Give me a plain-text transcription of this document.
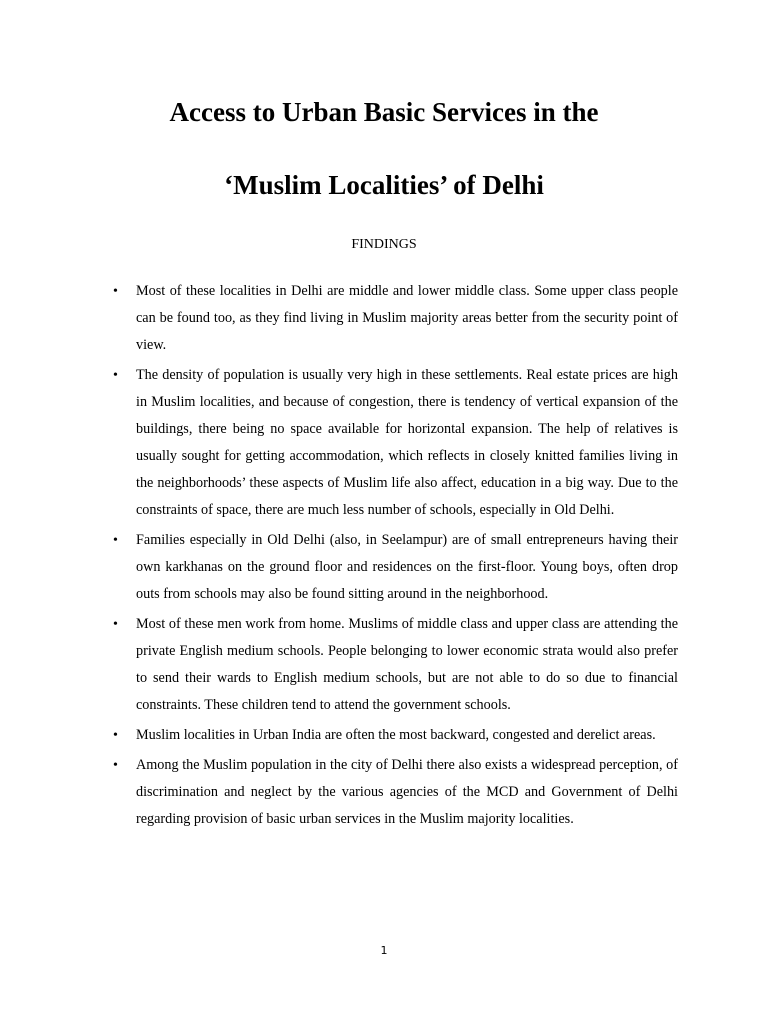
Access to Urban Basic Services in the
‘Muslim Localities’ of Delhi
FINDINGS
• Most of these localities in Delhi are middle and lower middle class. Some upper class people can be found too, as they find living in Muslim majority areas better from the security point of view.
• The density of population is usually very high in these settlements. Real estate prices are high in Muslim localities, and because of congestion, there is tendency of vertical expansion of the buildings, there being no space available for horizontal expansion. The help of relatives is usually sought for getting accommodation, which reflects in closely knitted families living in the neighborhoods’ these aspects of Muslim life also affect, education in a big way. Due to the constraints of space, there are much less number of schools, especially in Old Delhi.
• Families especially in Old Delhi (also, in Seelampur) are of small entrepreneurs having their own karkhanas on the ground floor and residences on the first-floor. Young boys, often drop outs from schools may also be found sitting around in the neighborhood.
• Most of these men work from home. Muslims of middle class and upper class are attending the private English medium schools. People belonging to lower economic strata would also prefer to send their wards to English medium schools, but are not able to do so due to financial constraints. These children tend to attend the government schools.
• Muslim localities in Urban India are often the most backward, congested and derelict areas.
• Among the Muslim population in the city of Delhi there also exists a widespread perception, of discrimination and neglect by the various agencies of the MCD and Government of Delhi regarding provision of basic urban services in the Muslim majority localities.
1
